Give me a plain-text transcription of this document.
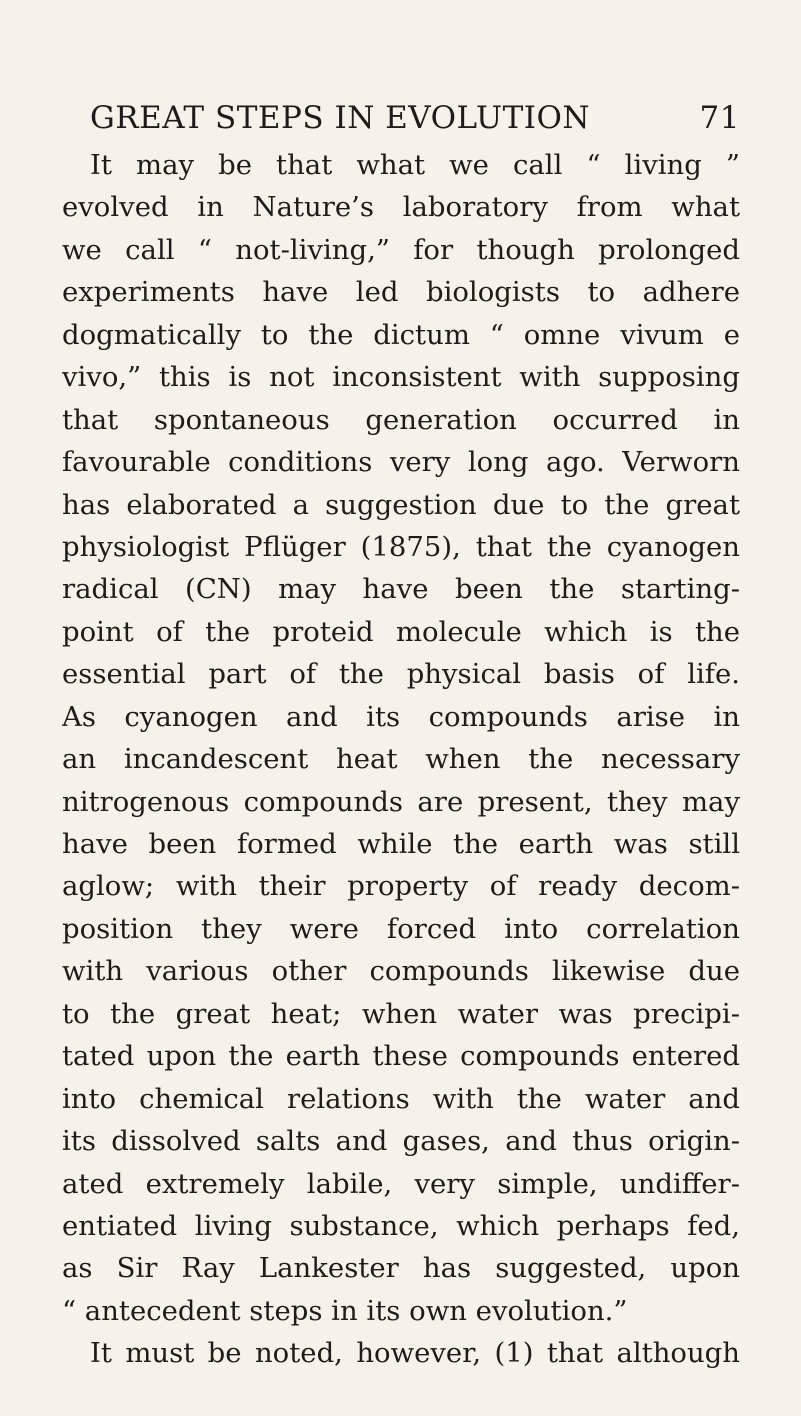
GREAT STEPS IN EVOLUTION	71
It may be that what we call “ living ”
evolved in Nature’s laboratory from what
we call “ not-living,” for though prolonged
experiments have led biologists to adhere
dogmatically to the dictum “ omne vivum e
vivo,” this is not inconsistent with supposing
that spontaneous generation occurred in
favourable conditions very long ago. Verworn
has elaborated a suggestion due to the great
physiologist Pflüger (1875), that the cyanogen
radical (CN) may have been the starting-
point of the proteid molecule which is the
essential part of the physical basis of life.
As cyanogen and its compounds arise in
an incandescent heat when the necessary
nitrogenous compounds are present, they may
have been formed while the earth was still
aglow; with their property of ready decom-
position they were forced into correlation
with various other compounds likewise due
to the great heat; when water was precipi-
tated upon the earth these compounds entered
into chemical relations with the water and
its dissolved salts and gases, and thus origin-
ated extremely labile, very simple, undiffer-
entiated living substance, which perhaps fed,
as Sir Ray Lankester has suggested, upon
“ antecedent steps in its own evolution.”
It must be noted, however, (1) that although
